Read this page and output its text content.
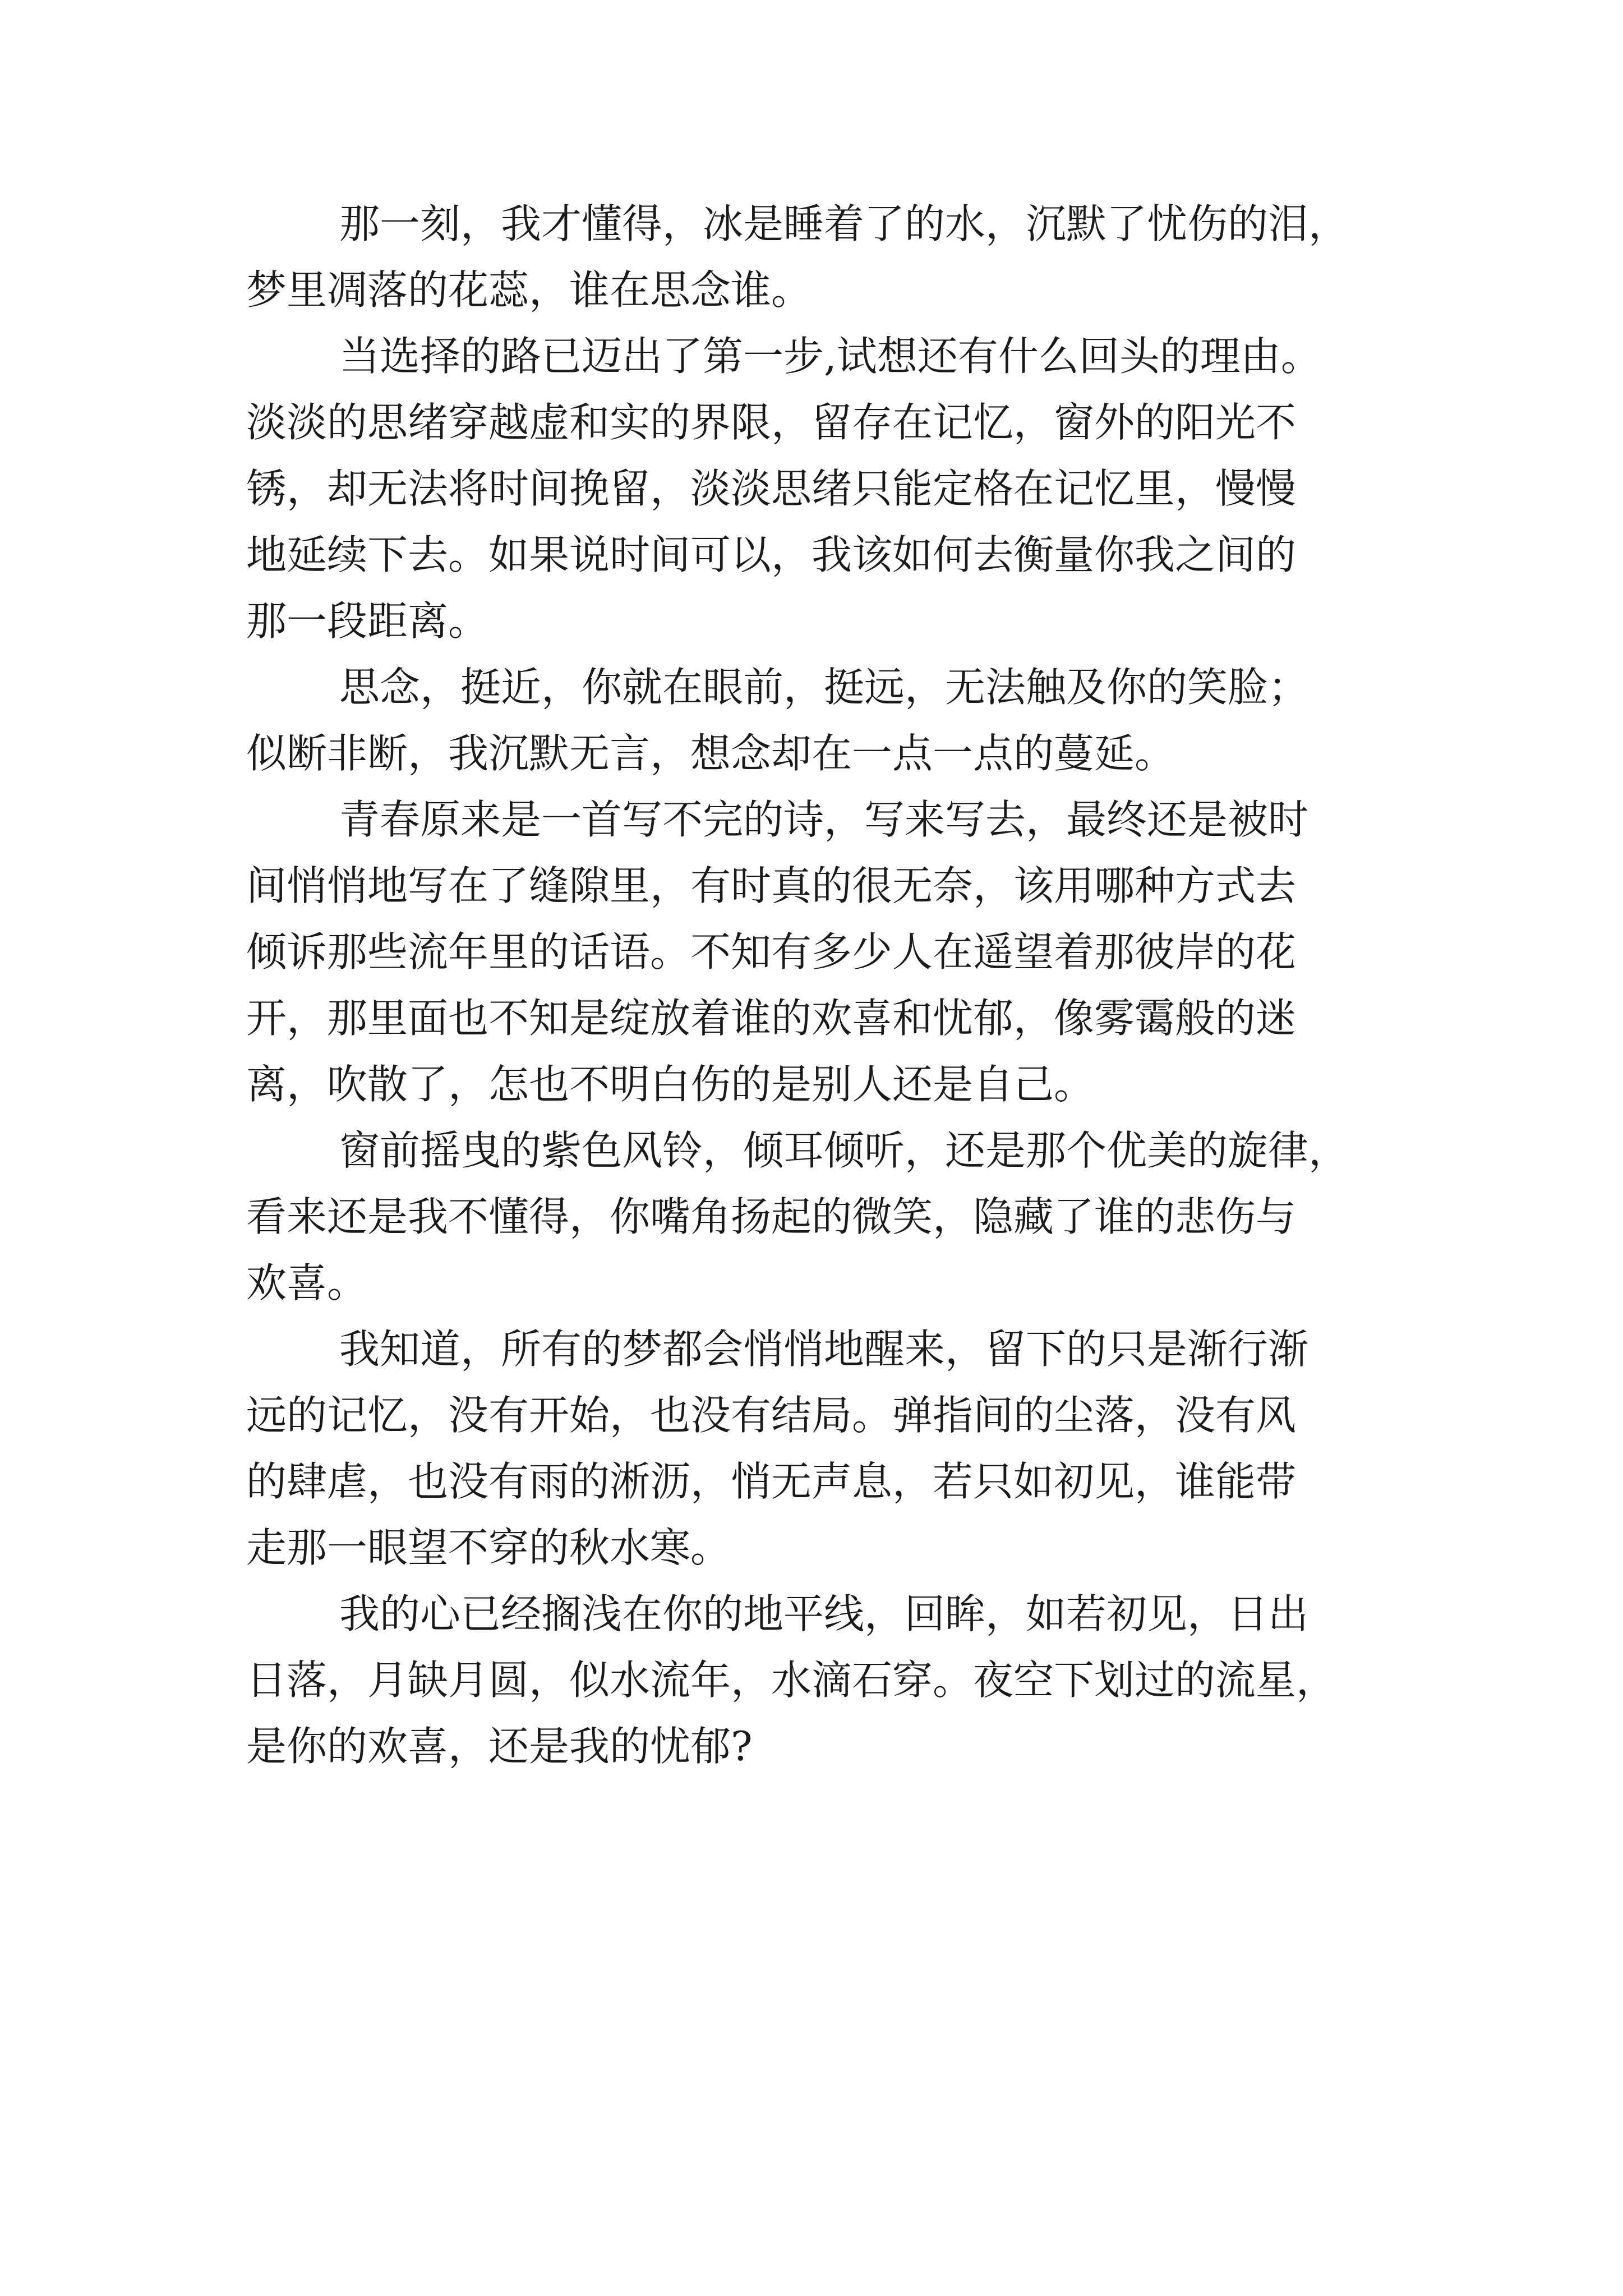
那一刻，我才懂得，冰是睡着了的水，沉默了忧伤的泪，
梦里凋落的花蕊，谁在思念谁。
当选择的路已迈出了第一步,试想还有什么回头的理由。
淡淡的思绪穿越虚和实的界限，留存在记忆，窗外的阳光不
锈，却无法将时间挽留，淡淡思绪只能定格在记忆里，慢慢
地延续下去。如果说时间可以，我该如何去衡量你我之间的
那一段距离。
思念，挺近，你就在眼前，挺远，无法触及你的笑脸；
似断非断，我沉默无言，想念却在一点一点的蔓延。
青春原来是一首写不完的诗，写来写去，最终还是被时
间悄悄地写在了缝隙里，有时真的很无奈，该用哪种方式去
倾诉那些流年里的话语。不知有多少人在遥望着那彼岸的花
开，那里面也不知是绽放着谁的欢喜和忧郁，像雾霭般的迷
离，吹散了，怎也不明白伤的是别人还是自己。
窗前摇曳的紫色风铃，倾耳倾听，还是那个优美的旋律，
看来还是我不懂得，你嘴角扬起的微笑，隐藏了谁的悲伤与
欢喜。
我知道，所有的梦都会悄悄地醒来，留下的只是渐行渐
远的记忆，没有开始，也没有结局。弹指间的尘落，没有风
的肆虐，也没有雨的淅沥，悄无声息，若只如初见，谁能带
走那一眼望不穿的秋水寒。
我的心已经搁浅在你的地平线，回眸，如若初见，日出
日落，月缺月圆，似水流年，水滴石穿。夜空下划过的流星，
是你的欢喜，还是我的忧郁?
